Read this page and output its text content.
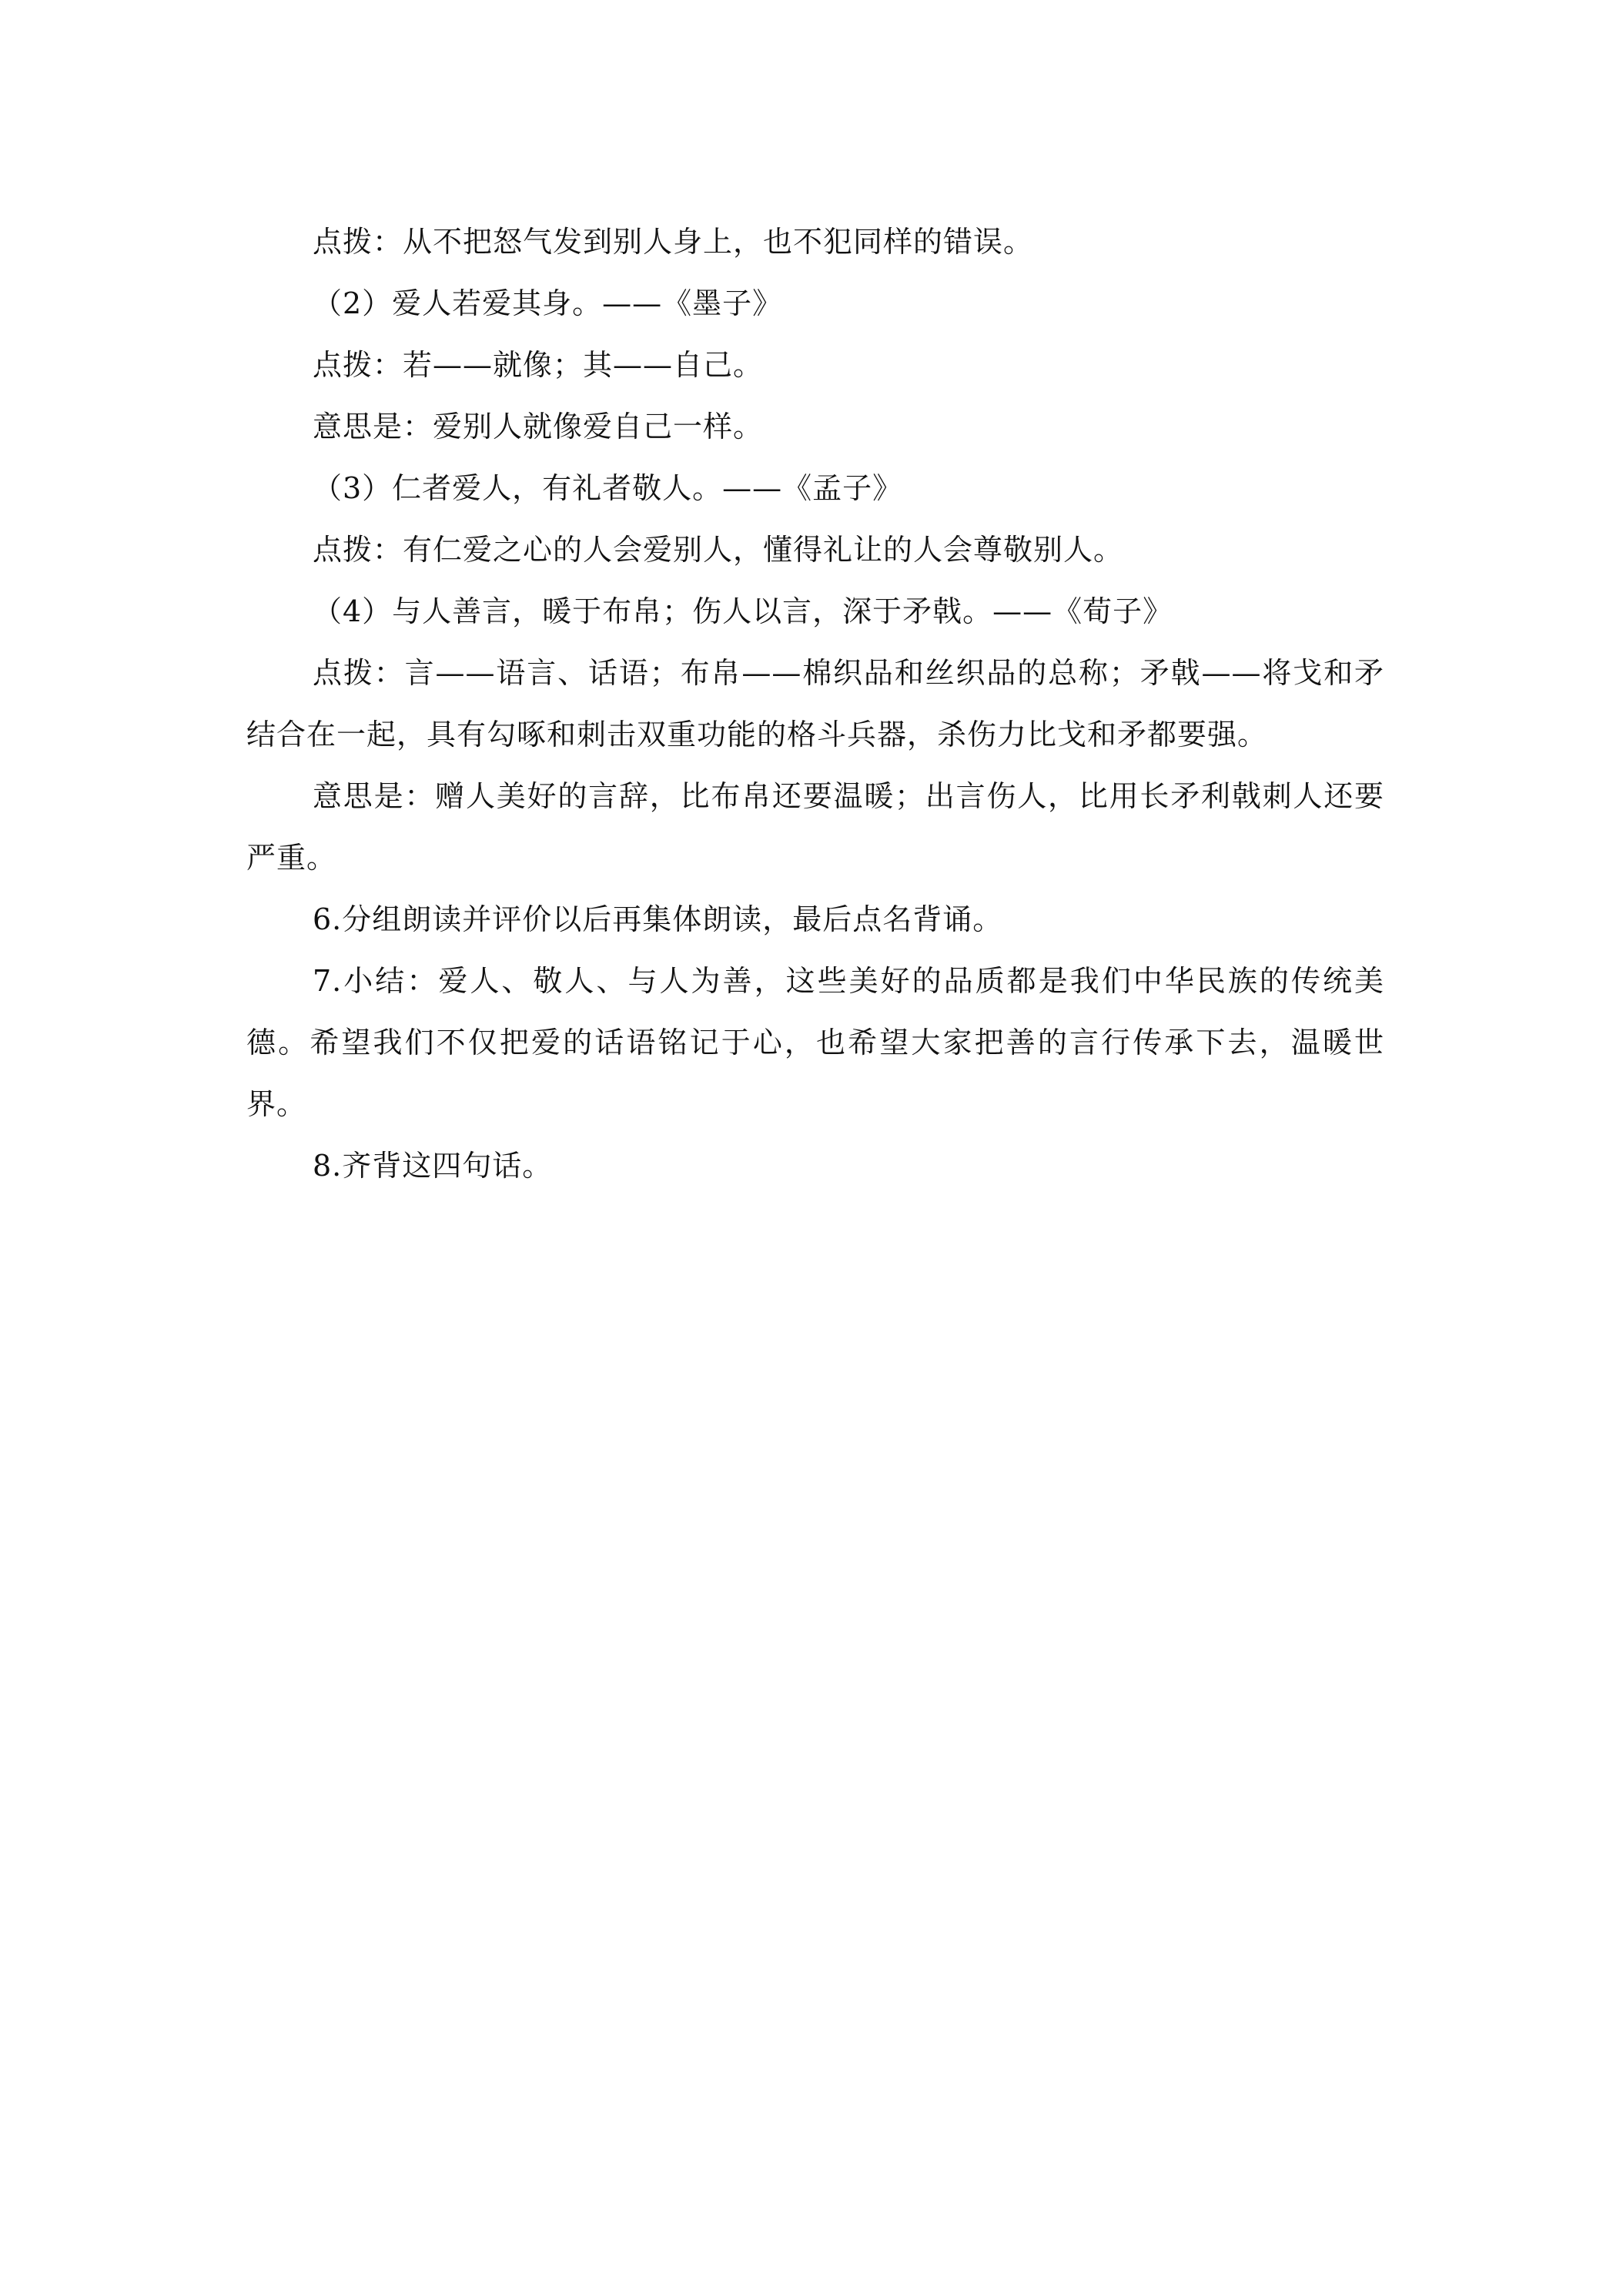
点拨：从不把怒气发到别人身上，也不犯同样的错误。

（2）爱人若爱其身。——《墨子》

点拨：若——就像；其——自己。

意思是：爱别人就像爱自己一样。

（3）仁者爱人，有礼者敬人。——《孟子》

点拨：有仁爱之心的人会爱别人，懂得礼让的人会尊敬别人。

（4）与人善言，暖于布帛；伤人以言，深于矛戟。——《荀子》

点拨：言——语言、话语；布帛——棉织品和丝织品的总称；矛戟——将戈和矛结合在一起，具有勾啄和刺击双重功能的格斗兵器，杀伤力比戈和矛都要强。

意思是：赠人美好的言辞，比布帛还要温暖；出言伤人，比用长矛利戟刺人还要严重。

6.分组朗读并评价以后再集体朗读，最后点名背诵。

7.小结：爱人、敬人、与人为善，这些美好的品质都是我们中华民族的传统美德。希望我们不仅把爱的话语铭记于心，也希望大家把善的言行传承下去，温暖世界。

8.齐背这四句话。
